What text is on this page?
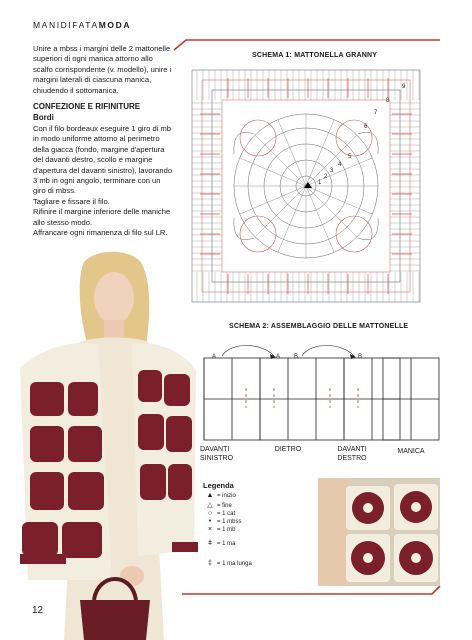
MANIDIFATAMODA

Unire a mbss i margini delle 2 mattonelle superiori di ogni manica attorno allo scalfo corrispondente (v. modello), unire i margini laterali di ciascuna manica, chiudendo il sottomanica.

CONFEZIONE E RIFINITURE
Bordi

Con il filo bordeaux eseguire 1 giro di mb in modo uniforme attorno al perimetro della giacca (fondo, margine d'apertura del davanti destro, scollo e margine d'apertura del davanti sinistro), lavorando 3 mb in ogni angolo, terminare con un giro di mbss.

Tagliare e fissare il filo.

Rifinire il margine inferiore delle maniche allo stesso modo.

Affrancare ogni rimanenza di filo sul LR.

SCHEMA 1: MATTONELLA GRANNY
1
2
3
4
5
6
7
8
9
SCHEMA 2: ASSEMBLAGGIO DELLE MATTONELLE
A	A B	B
DAVANTI SINISTRO
DIETRO	DAVANTI DESTRO
MANICA
Legenda
▲ = inizio
△ = fine
○ = 1 cat
• = 1 mbss
× = 1 mb
ǂ = 1 ma
‡ = 1 ma lunga
12
